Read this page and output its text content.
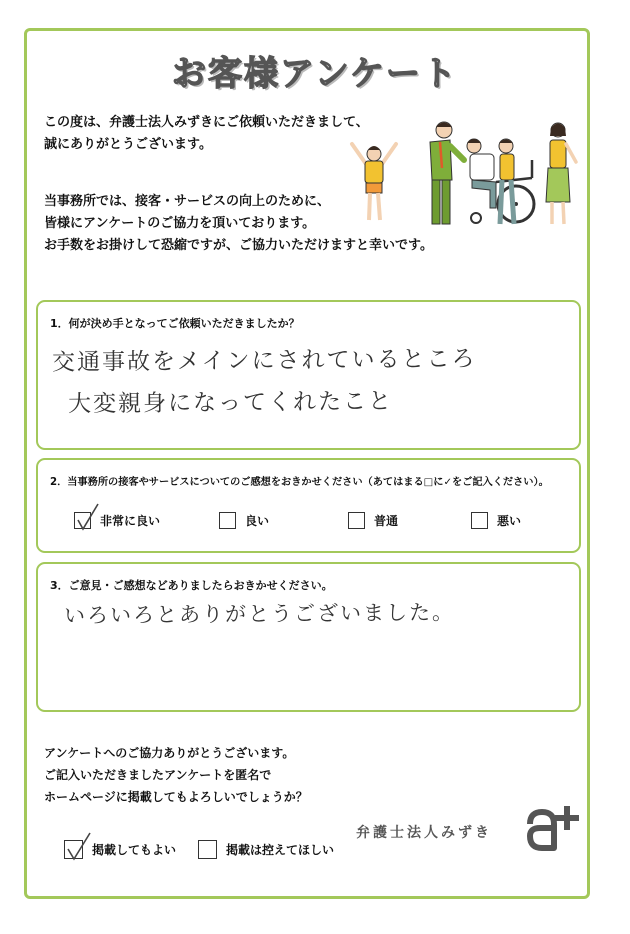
お客様アンケート
この度は、弁護士法人みずきにご依頼いただきまして、
誠にありがとうございます。
当事務所では、接客・サービスの向上のために、
皆様にアンケートのご協力を頂いております。
お手数をお掛けして恐縮ですが、ご協力いただけますと幸いです。
1．何が決め手となってご依頼いただきましたか？
交通事故をメインにされているところ
大変親身になってくれたこと
2．当事務所の接客やサービスについてのご感想をおきかせください（あてはまる□に✓をご記入ください）。
非常に良い	良い	普通	悪い
3．ご意見・ご感想などありましたらおきかせください。
いろいろとありがとうございました。
アンケートへのご協力ありがとうございます。
ご記入いただきましたアンケートを匿名で
ホームページに掲載してもよろしいでしょうか？
掲載してもよい	掲載は控えてほしい
弁護士法人みずき
